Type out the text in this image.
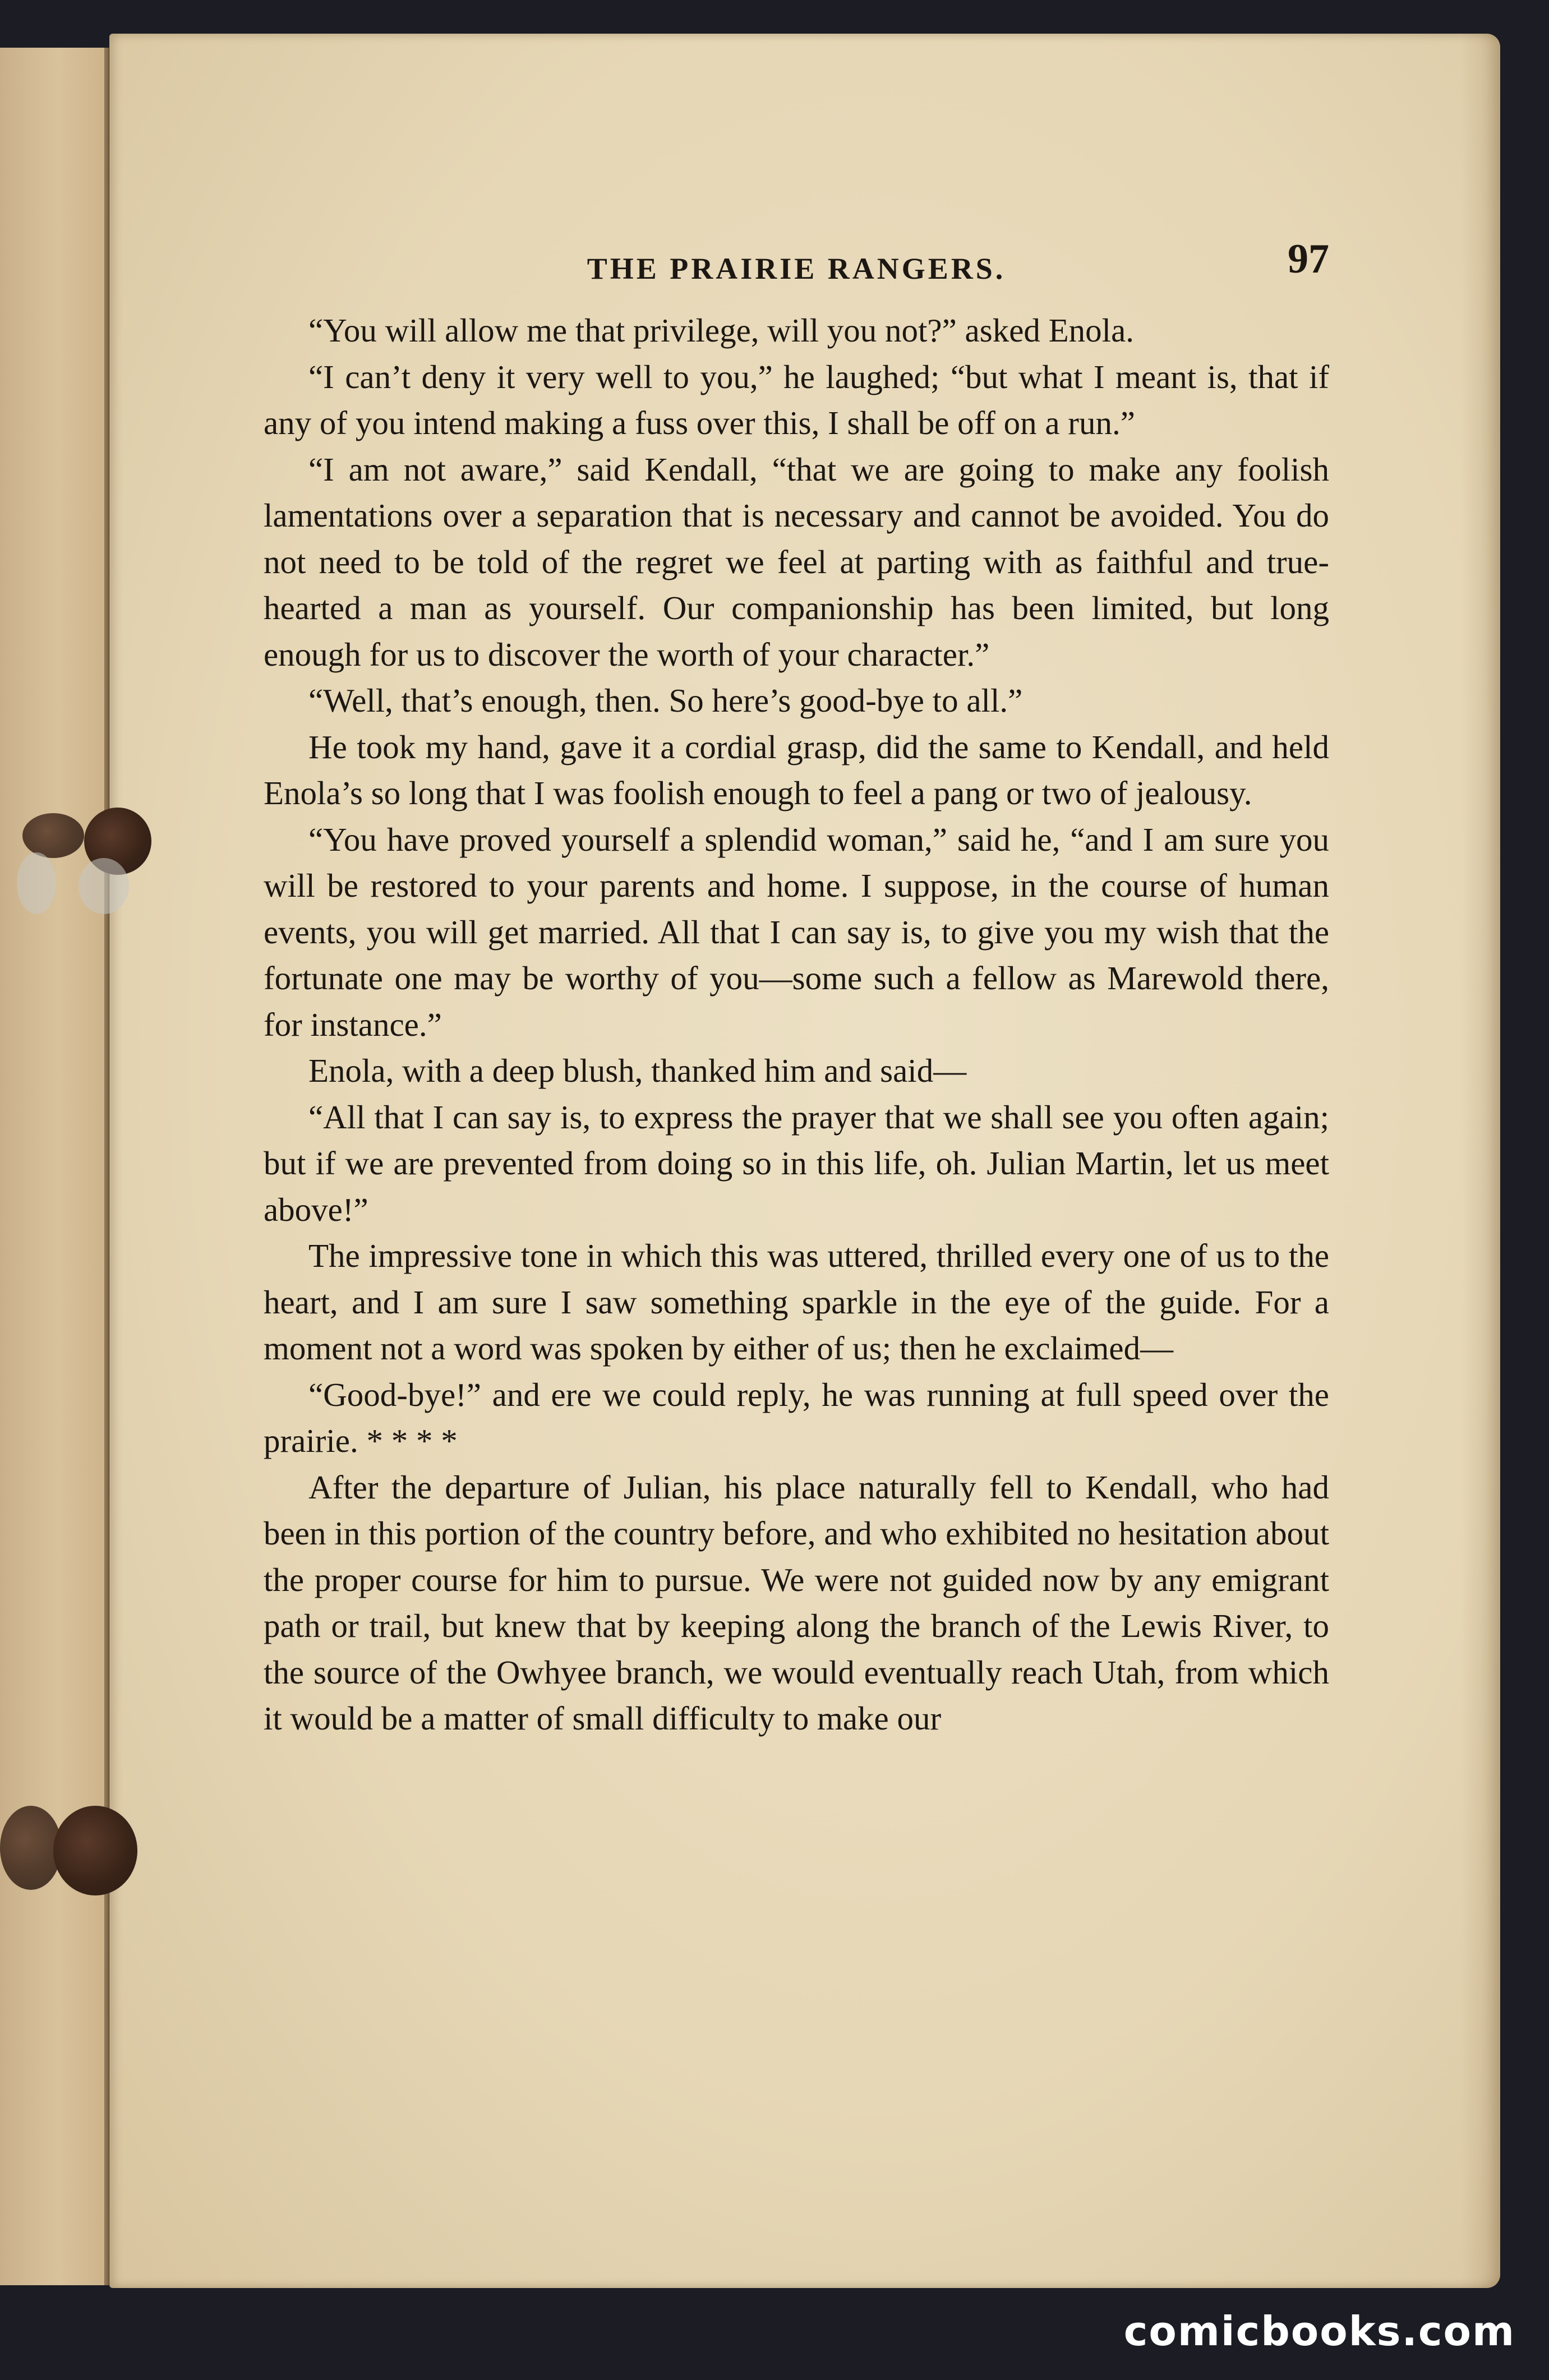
THE PRAIRIE RANGERS.	97

“You will allow me that privilege, will you not?” asked Enola.

“I can’t deny it very well to you,” he laughed; “but what I meant is, that if any of you intend making a fuss over this, I shall be off on a run.”

“I am not aware,” said Kendall, “that we are going to make any foolish lamentations over a separation that is necessary and cannot be avoided. You do not need to be told of the regret we feel at parting with as faithful and true-hearted a man as yourself. Our companionship has been limited, but long enough for us to discover the worth of your character.”

“Well, that’s enough, then. So here’s good-bye to all.”

He took my hand, gave it a cordial grasp, did the same to Kendall, and held Enola’s so long that I was foolish enough to feel a pang or two of jealousy.

“You have proved yourself a splendid woman,” said he, “and I am sure you will be restored to your parents and home. I suppose, in the course of human events, you will get married. All that I can say is, to give you my wish that the fortunate one may be worthy of you—some such a fellow as Marewold there, for instance.”

Enola, with a deep blush, thanked him and said—

“All that I can say is, to express the prayer that we shall see you often again; but if we are prevented from doing so in this life, oh. Julian Martin, let us meet above!”

The impressive tone in which this was uttered, thrilled every one of us to the heart, and I am sure I saw something sparkle in the eye of the guide. For a moment not a word was spoken by either of us; then he exclaimed—

“Good-bye!” and ere we could reply, he was running at full speed over the prairie. * * * *

After the departure of Julian, his place naturally fell to Kendall, who had been in this portion of the country before, and who exhibited no hesitation about the proper course for him to pursue. We were not guided now by any emigrant path or trail, but knew that by keeping along the branch of the Lewis River, to the source of the Owhyee branch, we would eventually reach Utah, from which it would be a matter of small difficulty to make our

comicbooks.com
